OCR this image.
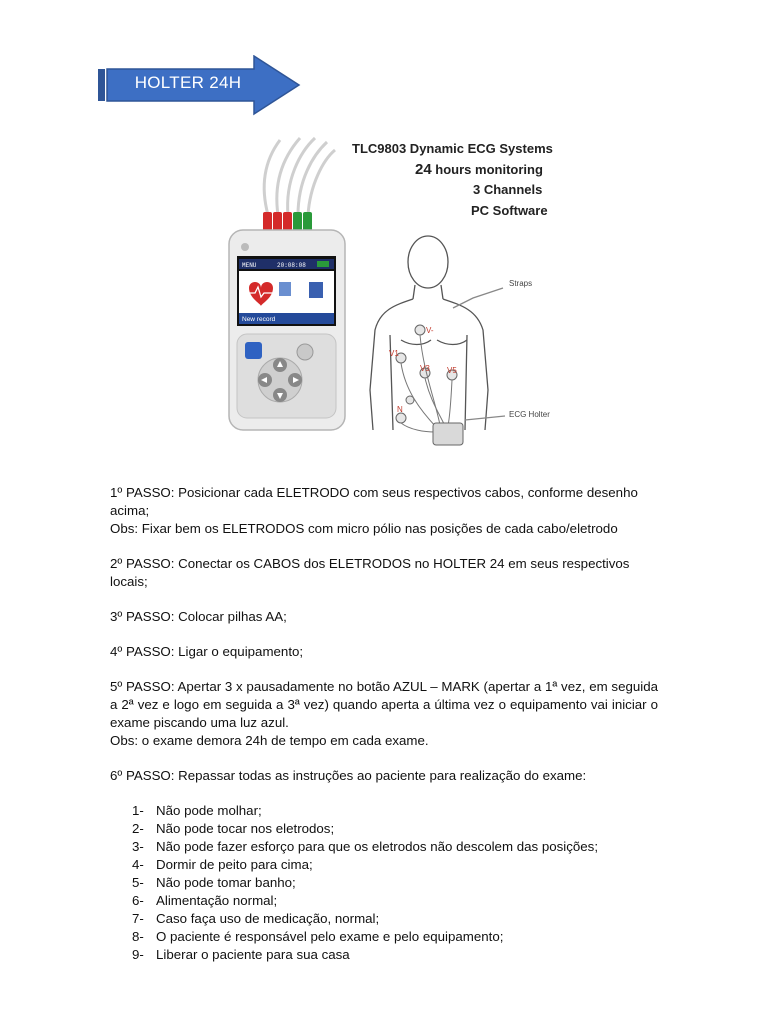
HOLTER 24H
MENU	20:08:08
New record
V-
V1
V3 V5
N
TLC9803 Dynamic ECG Systems
24 hours monitoring
3 Channels
PC Software
Straps
ECG Holter

1º PASSO: Posicionar cada ELETRODO com seus respectivos cabos, conforme desenho acima;

Obs: Fixar bem os ELETRODOS com micro pólio nas posições de cada cabo/eletrodo

2º PASSO: Conectar os CABOS dos ELETRODOS no HOLTER 24 em seus respectivos locais;

3º PASSO: Colocar pilhas AA;

4º PASSO: Ligar o equipamento;

5º PASSO: Apertar 3 x pausadamente no botão AZUL – MARK (apertar a 1ª vez, em seguida a 2ª vez e logo em seguida a 3ª vez) quando aperta a última vez o equipamento vai iniciar o exame piscando uma luz azul.

Obs: o exame demora 24h de tempo em cada exame.

6º PASSO: Repassar todas as instruções ao paciente para realização do exame:

1- Não pode molhar;
2- Não pode tocar nos eletrodos;
3- Não pode fazer esforço para que os eletrodos não descolem das posições;
4- Dormir de peito para cima;
5- Não pode tomar banho;
6- Alimentação normal;
7- Caso faça uso de medicação, normal;
8- O paciente é responsável pelo exame e pelo equipamento;
9- Liberar o paciente para sua casa
